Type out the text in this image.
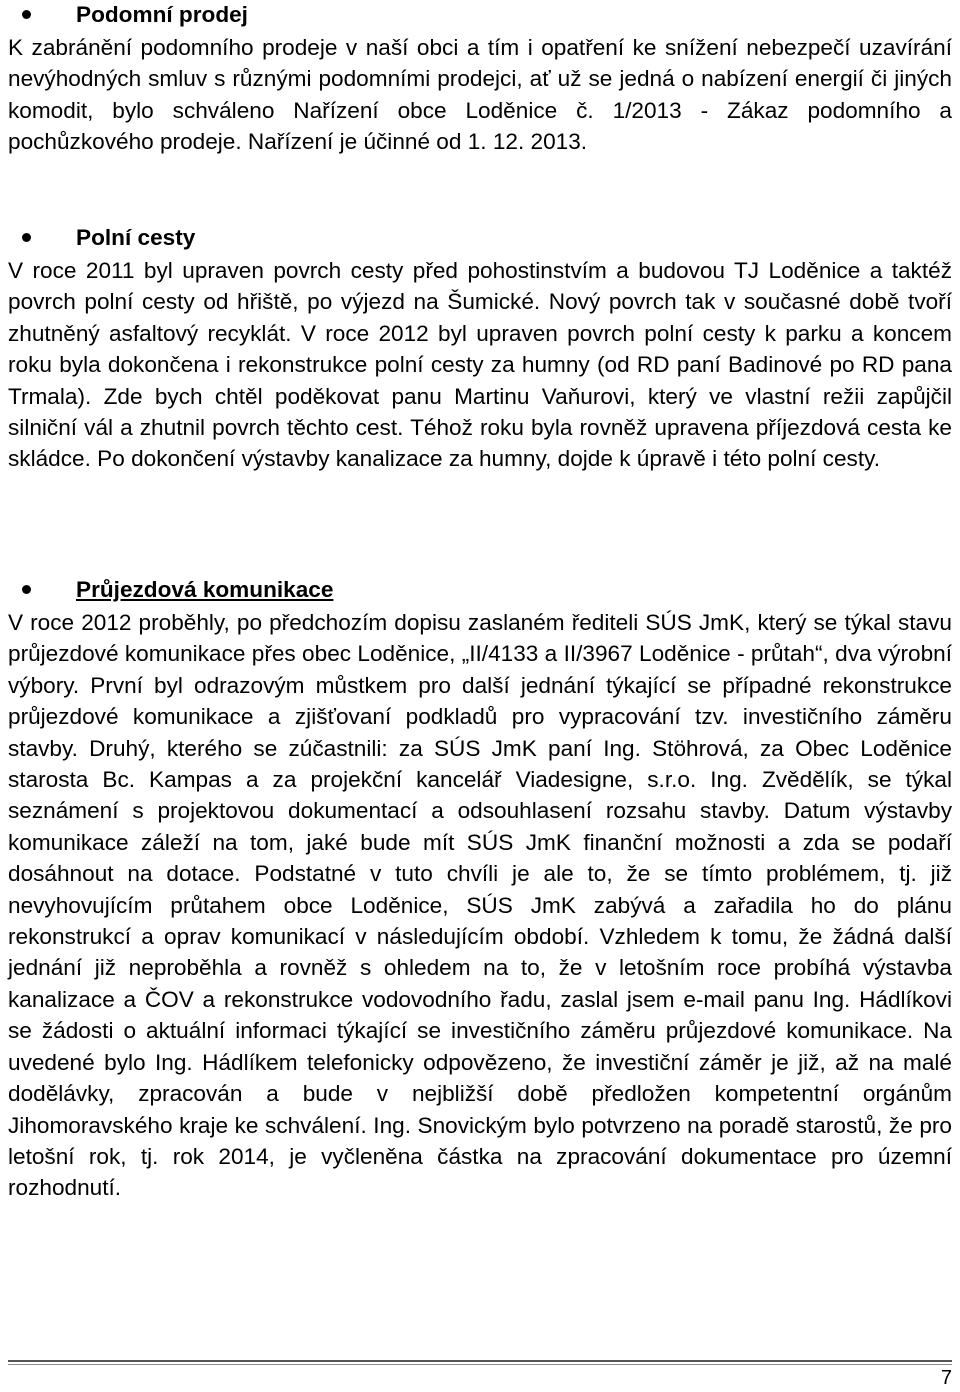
Podomní prodej

K zabránění podomního prodeje v naší obci a tím i opatření ke snížení nebezpečí uzavírání nevýhodných smluv s různými podomními prodejci, ať už se jedná o nabízení energií či jiných komodit, bylo schváleno Nařízení obce Loděnice č. 1/2013 - Zákaz podomního a pochůzkového prodeje. Nařízení je účinné od 1. 12. 2013.

Polní cesty

V roce 2011 byl upraven povrch cesty před pohostinstvím a budovou TJ Loděnice a taktéž povrch polní cesty od hřiště, po výjezd na Šumické. Nový povrch tak v současné době tvoří zhutněný asfaltový recyklát. V roce 2012 byl upraven povrch polní cesty k parku a koncem roku byla dokončena i rekonstrukce polní cesty za humny (od RD paní Badinové po RD pana Trmala). Zde bych chtěl poděkovat panu Martinu Vaňurovi, který ve vlastní režii zapůjčil silniční vál a zhutnil povrch těchto cest. Téhož roku byla rovněž upravena příjezdová cesta ke skládce. Po dokončení výstavby kanalizace za humny, dojde k úpravě i této polní cesty.

Průjezdová komunikace

V roce 2012 proběhly, po předchozím dopisu zaslaném řediteli SÚS JmK, který se týkal stavu průjezdové komunikace přes obec Loděnice, „II/4133 a II/3967 Loděnice - průtah“, dva výrobní výbory. První byl odrazovým můstkem pro další jednání týkající se případné rekonstrukce průjezdové komunikace a zjišťovaní podkladů pro vypracování tzv. investičního záměru stavby. Druhý, kterého se zúčastnili: za SÚS JmK paní Ing. Stöhrová, za Obec Loděnice starosta Bc. Kampas a za projekční kancelář Viadesigne, s.r.o. Ing. Zvědělík, se týkal seznámení s projektovou dokumentací a odsouhlasení rozsahu stavby. Datum výstavby komunikace záleží na tom, jaké bude mít SÚS JmK finanční možnosti a zda se podaří dosáhnout na dotace. Podstatné v tuto chvíli je ale to, že se tímto problémem, tj. již nevyhovujícím průtahem obce Loděnice, SÚS JmK zabývá a zařadila ho do plánu rekonstrukcí a oprav komunikací v následujícím období. Vzhledem k tomu, že žádná další jednání již neproběhla a rovněž s ohledem na to, že v letošním roce probíhá výstavba kanalizace a ČOV a rekonstrukce vodovodního řadu, zaslal jsem e-mail panu Ing. Hádlíkovi se žádosti o aktuální informaci týkající se investičního záměru průjezdové komunikace. Na uvedené bylo Ing. Hádlíkem telefonicky odpovězeno, že investiční záměr je již, až na malé dodělávky, zpracován a bude v nejbližší době předložen kompetentní orgánům Jihomoravského kraje ke schválení. Ing. Snovickým bylo potvrzeno na poradě starostů, že pro letošní rok, tj. rok 2014, je vyčleněna částka na zpracování dokumentace pro územní rozhodnutí.

7
